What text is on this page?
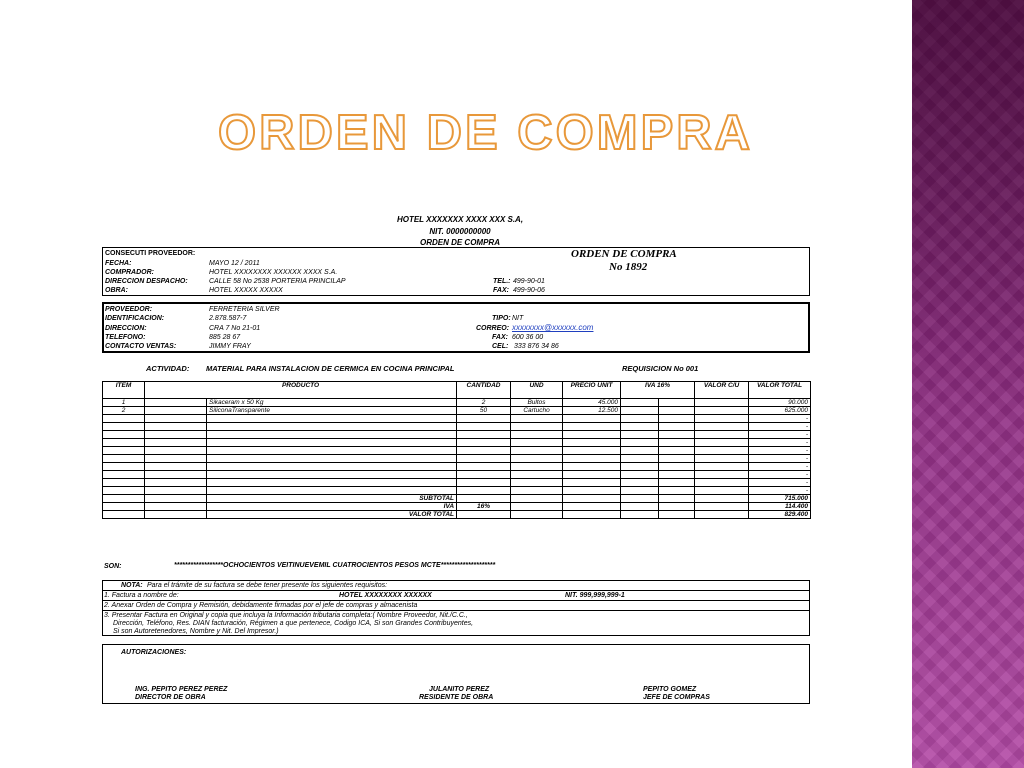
ORDEN DE COMPRA
HOTEL XXXXXXX XXXX XXX S.A,
NIT. 0000000000
ORDEN DE COMPRA
CONSECUTI PROVEEDOR:
FECHA:	MAYO 12 / 2011
COMPRADOR:	HOTEL XXXXXXXX XXXXXX XXXX S.A.
DIRECCION DESPACHO:	CALLE 58 No 2538 PORTERIA PRINCILAP
OBRA:	HOTEL XXXXX XXXXX
TEL.: 499-90-01
FAX: 499-90-06
ORDEN DE COMPRA
No 1892
PROVEEDOR:	FERRETERIA SILVER
IDENTIFICACION:	2.878.587-7
DIRECCION:	CRA 7 No 21-01
TELEFONO:	885 28 67
CONTACTO VENTAS:	JIMMY FRAY
TIPO: NIT
CORREO: xxxxxxxx@xxxxxx.com
FAX: 600 36 00
CEL: 333 876 34 86
ACTIVIDAD: MATERIAL PARA INSTALACION DE CERMICA EN COCINA PRINCIPAL	REQUISICION No 001
ITEM	PRODUCTO		CANTIDAD	UND	PRECIO UNIT	IVA 16%		VALOR C/U	VALOR TOTAL
1		Sikaceram x 50 Kg	2	Bultos	45.000				90.000
2		SiliconaTransparente	50	Cartucho	12.500				625.000
									-
									-
									-
									-
									-
									-
									-
									-
									-
									-
		SUBTOTAL							715.000
		IVA	16%						114.400
		VALOR TOTAL							829.400
SON:	******************OCHOCIENTOS VEITINUEVEMIL CUATROCIENTOS PESOS MCTE********************
NOTA: Para el trámite de su factura se debe tener presente los siguientes requisitos:
1. Factura a nombre de:	HOTEL XXXXXXXX XXXXXX	NIT. 999,999,999-1
2. Anexar Orden de Compra y Remisión, debidamente firmadas por el jefe de compras y almacenista
3. Presentar Factura en Original y copia que incluya la Información tributaria completa:( Nombre Proveedor, Nit./C.C.,
Dirección, Teléfono, Res. DIAN facturación, Régimen a que pertenece, Codigo ICA, Si son Grandes Contribuyentes,
Si son Autoretenedores, Nombre y Nit. Del Impresor.)
AUTORIZACIONES:
ING. PEPITO PEREZ PEREZ
DIRECTOR DE OBRA
JULANITO PEREZ
RESIDENTE DE OBRA
PEPITO GOMEZ
JEFE DE COMPRAS
